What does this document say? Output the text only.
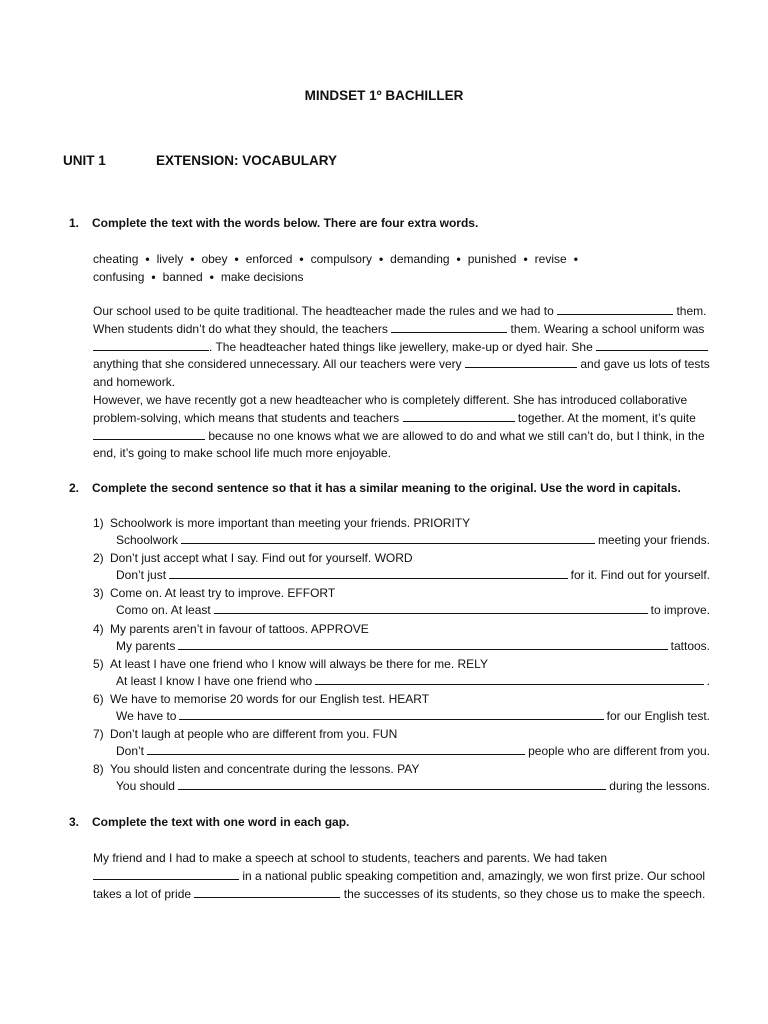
MINDSET 1º BACHILLER
UNIT 1	EXTENSION: VOCABULARY
1. Complete the text with the words below. There are four extra words.
cheating • lively • obey • enforced • compulsory • demanding • punished • revise •
confusing • banned • make decisions
Our school used to be quite traditional. The headteacher made the rules and we had to	them. When students didn’t do what they should, the teachers	them. Wearing a school uniform was . The headteacher hated things like jewellery, make-up or dyed hair. She  anything that she considered unnecessary. All our teachers were very	and gave us lots of tests and homework.
However, we have recently got a new headteacher who is completely different. She has introduced collaborative problem-solving, which means that students and teachers	together. At the moment, it’s quite  because no one knows what we are allowed to do and what we still can’t do, but I think, in the end, it’s going to make school life much more enjoyable.
2. Complete the second sentence so that it has a similar meaning to the original. Use the word in capitals.
1) Schoolwork is more important than meeting your friends. PRIORITY
Schoolwork	meeting your friends.
2) Don’t just accept what I say. Find out for yourself. WORD
Don’t just	for it. Find out for yourself.
3) Come on. At least try to improve. EFFORT
Como on. At least	to improve.
4) My parents aren’t in favour of tattoos. APPROVE
My parents	tattoos.
5) At least I have one friend who I know will always be there for me. RELY
At least I know I have one friend who	.
6) We have to memorise 20 words for our English test. HEART
We have to	for our English test.
7) Don’t laugh at people who are different from you. FUN
Don’t	people who are different from you.
8) You should listen and concentrate during the lessons. PAY
You should	during the lessons.
3. Complete the text with one word in each gap.
My friend and I had to make a speech at school to students, teachers and parents. We had taken  in a national public speaking competition and, amazingly, we won first prize. Our school takes a lot of pride	the successes of its students, so they chose us to make the speech.
